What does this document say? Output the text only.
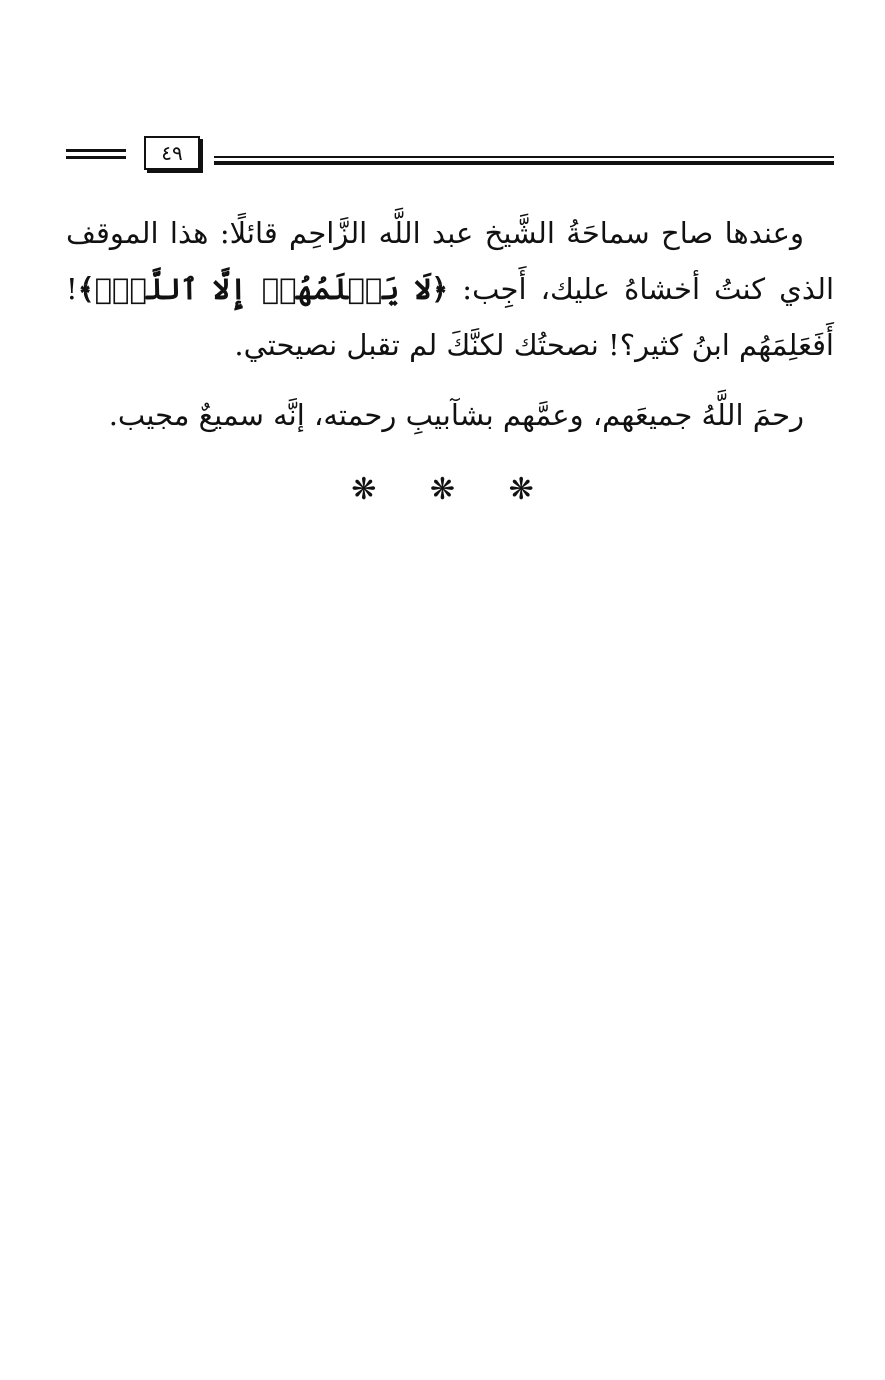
٤٩

وعندها صاح سماحَةُ الشَّيخ عبد اللَّه الزَّاحِم قائلًا: هذا الموقف الذي كنتُ أخشاهُ عليك، أَجِب: ﴿لَا يَعۡلَمُهُمۡ إِلَّا ٱللَّهُۚ﴾! أَفَعَلِمَهُم ابنُ كثير؟! نصحتُك لكنَّكَ لم تقبل نصيحتي.

رحمَ اللَّهُ جميعَهم، وعمَّهم بشآبيبِ رحمته، إنَّه سميعٌ مجيب.

❋ ❋ ❋
